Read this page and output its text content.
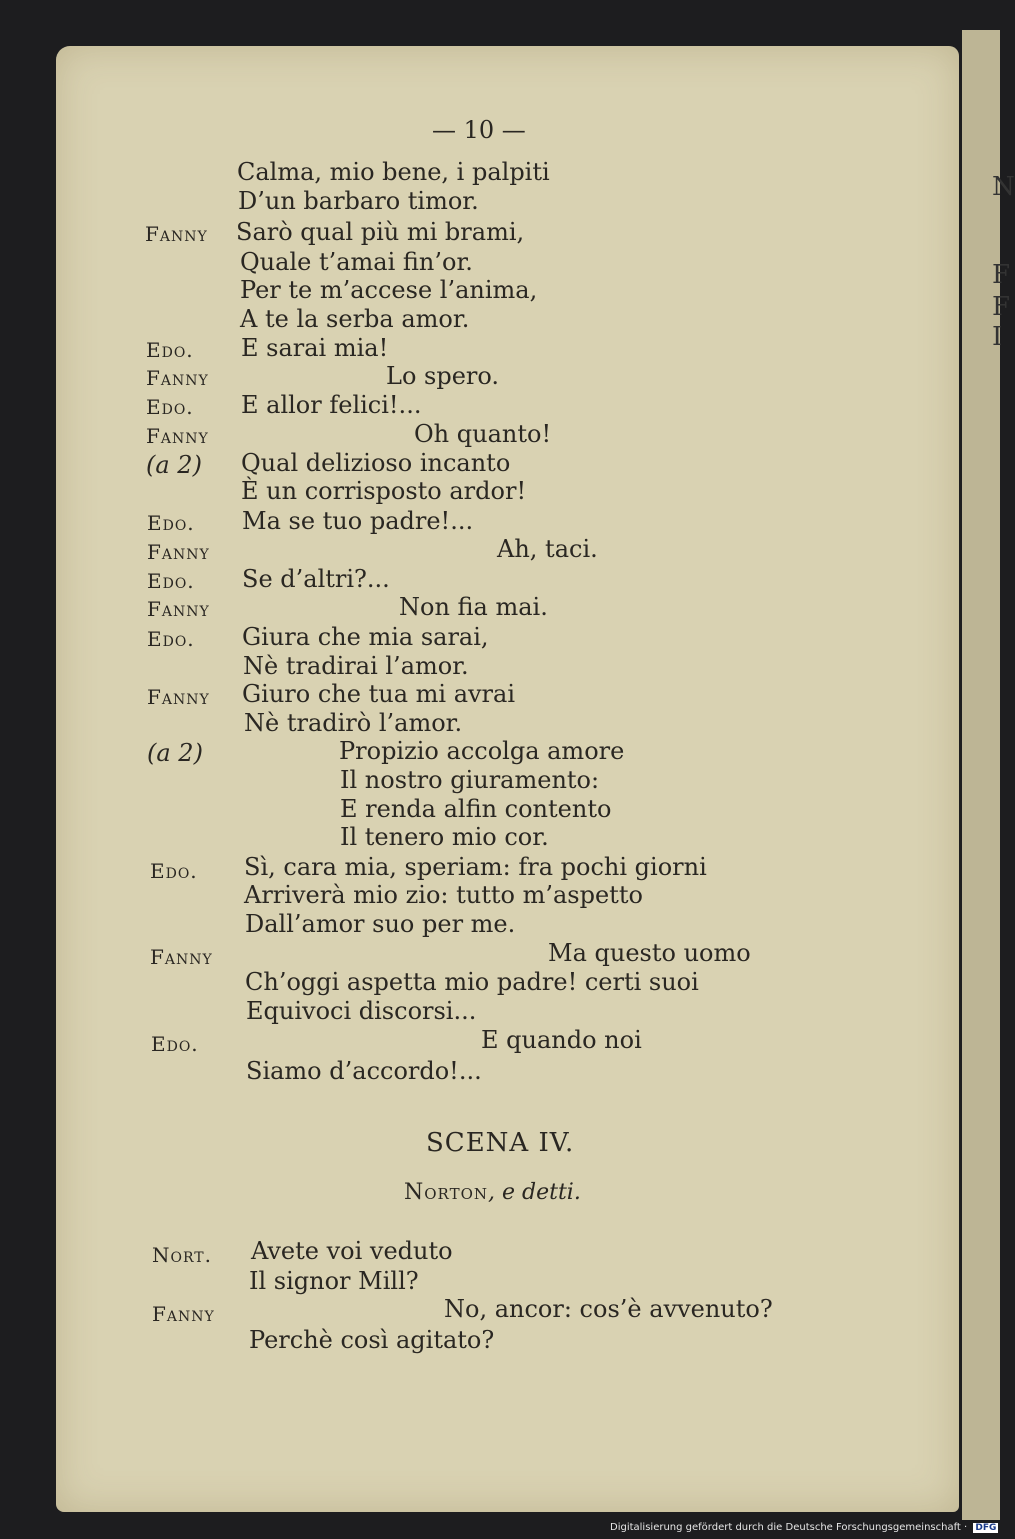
N
F
F
I
— 10 —
Calma, mio bene, i palpiti
D’un barbaro timor.
Fanny Sarò qual più mi brami,
Quale t’amai fin’or.
Per te m’accese l’anima,
A te la serba amor.
Edo. E sarai mia!
Fanny	Lo spero.
Edo. E allor felici!...
Fanny	Oh quanto!
(a 2) Qual delizioso incanto
È un corrisposto ardor!
Edo. Ma se tuo padre!...
Fanny	Ah, taci.
Edo. Se d’altri?...
Fanny	Non fia mai.
Edo. Giura che mia sarai,
Nè tradirai l’amor.
Fanny Giuro che tua mi avrai
Nè tradirò l’amor.
(a 2)	Propizio accolga amore
Il nostro giuramento:
E renda alfin contento
Il tenero mio cor.
Edo. Sì, cara mia, speriam: fra pochi giorni
Arriverà mio zio: tutto m’aspetto
Dall’amor suo per me.
Fanny	Ma questo uomo
Ch’oggi aspetta mio padre! certi suoi
Equivoci discorsi...
Edo.	E quando noi
Siamo d’accordo!...
SCENA IV.
Norton, e detti.
Nort. Avete voi veduto
Il signor Mill?
Fanny	No, ancor: cos’è avvenuto?
Perchè così agitato?
Digitalisierung gefördert durch die Deutsche Forschungsgemeinschaft · DFG
